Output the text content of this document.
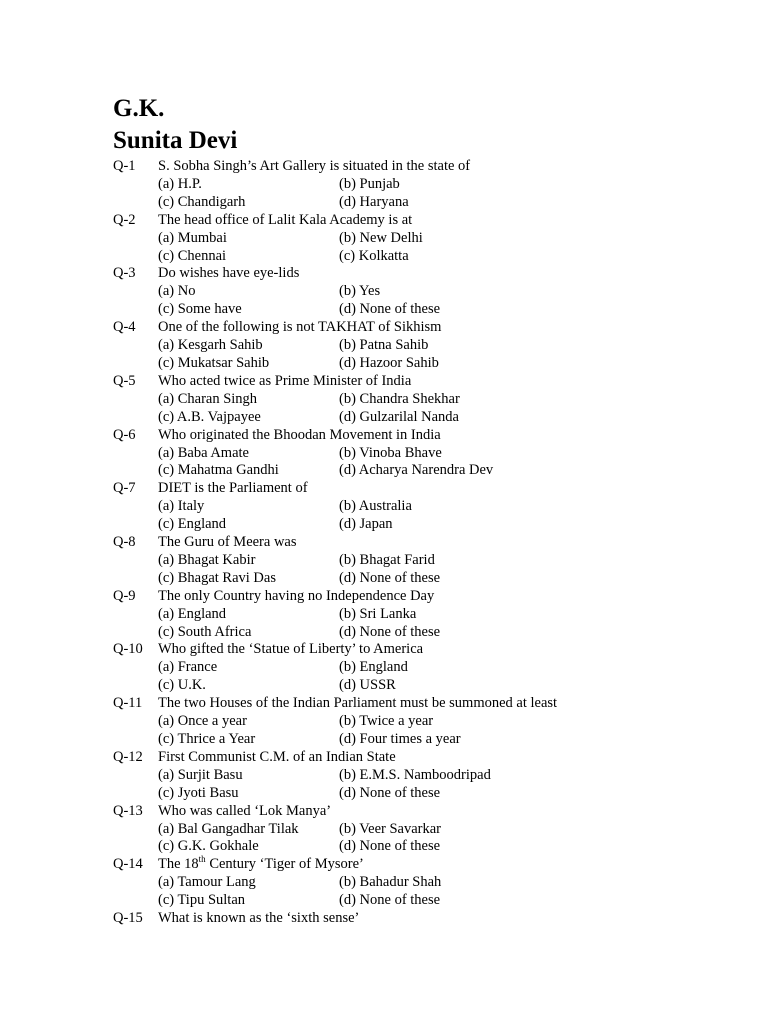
G.K.
Sunita Devi
Q-1	S. Sobha Singh’s Art Gallery is situated in the state of
(a) H.P.	(b) Punjab
(c) Chandigarh	(d) Haryana
Q-2	The head office of Lalit Kala Academy is at
(a) Mumbai	(b) New Delhi
(c) Chennai	(c) Kolkatta
Q-3	Do wishes have eye-lids
(a) No	(b) Yes
(c) Some have	(d) None of these
Q-4	One of the following is not TAKHAT of Sikhism
(a) Kesgarh Sahib	(b) Patna Sahib
(c) Mukatsar Sahib	(d) Hazoor Sahib
Q-5	Who acted twice as Prime Minister of India
(a) Charan Singh	(b) Chandra Shekhar
(c) A.B. Vajpayee	(d) Gulzarilal Nanda
Q-6	Who originated the Bhoodan Movement in India
(a) Baba Amate	(b) Vinoba Bhave
(c) Mahatma Gandhi	(d) Acharya Narendra Dev
Q-7	DIET is the Parliament of
(a) Italy	(b) Australia
(c) England	(d) Japan
Q-8	The Guru of Meera was
(a) Bhagat Kabir	(b) Bhagat Farid
(c) Bhagat Ravi Das	(d) None of these
Q-9	The only Country having no Independence Day
(a) England	(b) Sri Lanka
(c) South Africa	(d) None of these
Q-10	Who gifted the ‘Statue of Liberty’ to America
(a) France	(b) England
(c) U.K.	(d) USSR
Q-11	The two Houses of the Indian Parliament must be summoned at least
(a) Once a year	(b) Twice a year
(c) Thrice a Year	(d) Four times a year
Q-12	First Communist C.M. of an Indian State
(a) Surjit Basu	(b) E.M.S. Namboodripad
(c) Jyoti Basu	(d) None of these
Q-13	Who was called ‘Lok Manya’
(a) Bal Gangadhar Tilak	(b) Veer Savarkar
(c) G.K. Gokhale	(d) None of these
Q-14	The 18th Century ‘Tiger of Mysore’
(a) Tamour Lang	(b) Bahadur Shah
(c) Tipu Sultan	(d) None of these
Q-15	What is known as the ‘sixth sense’
